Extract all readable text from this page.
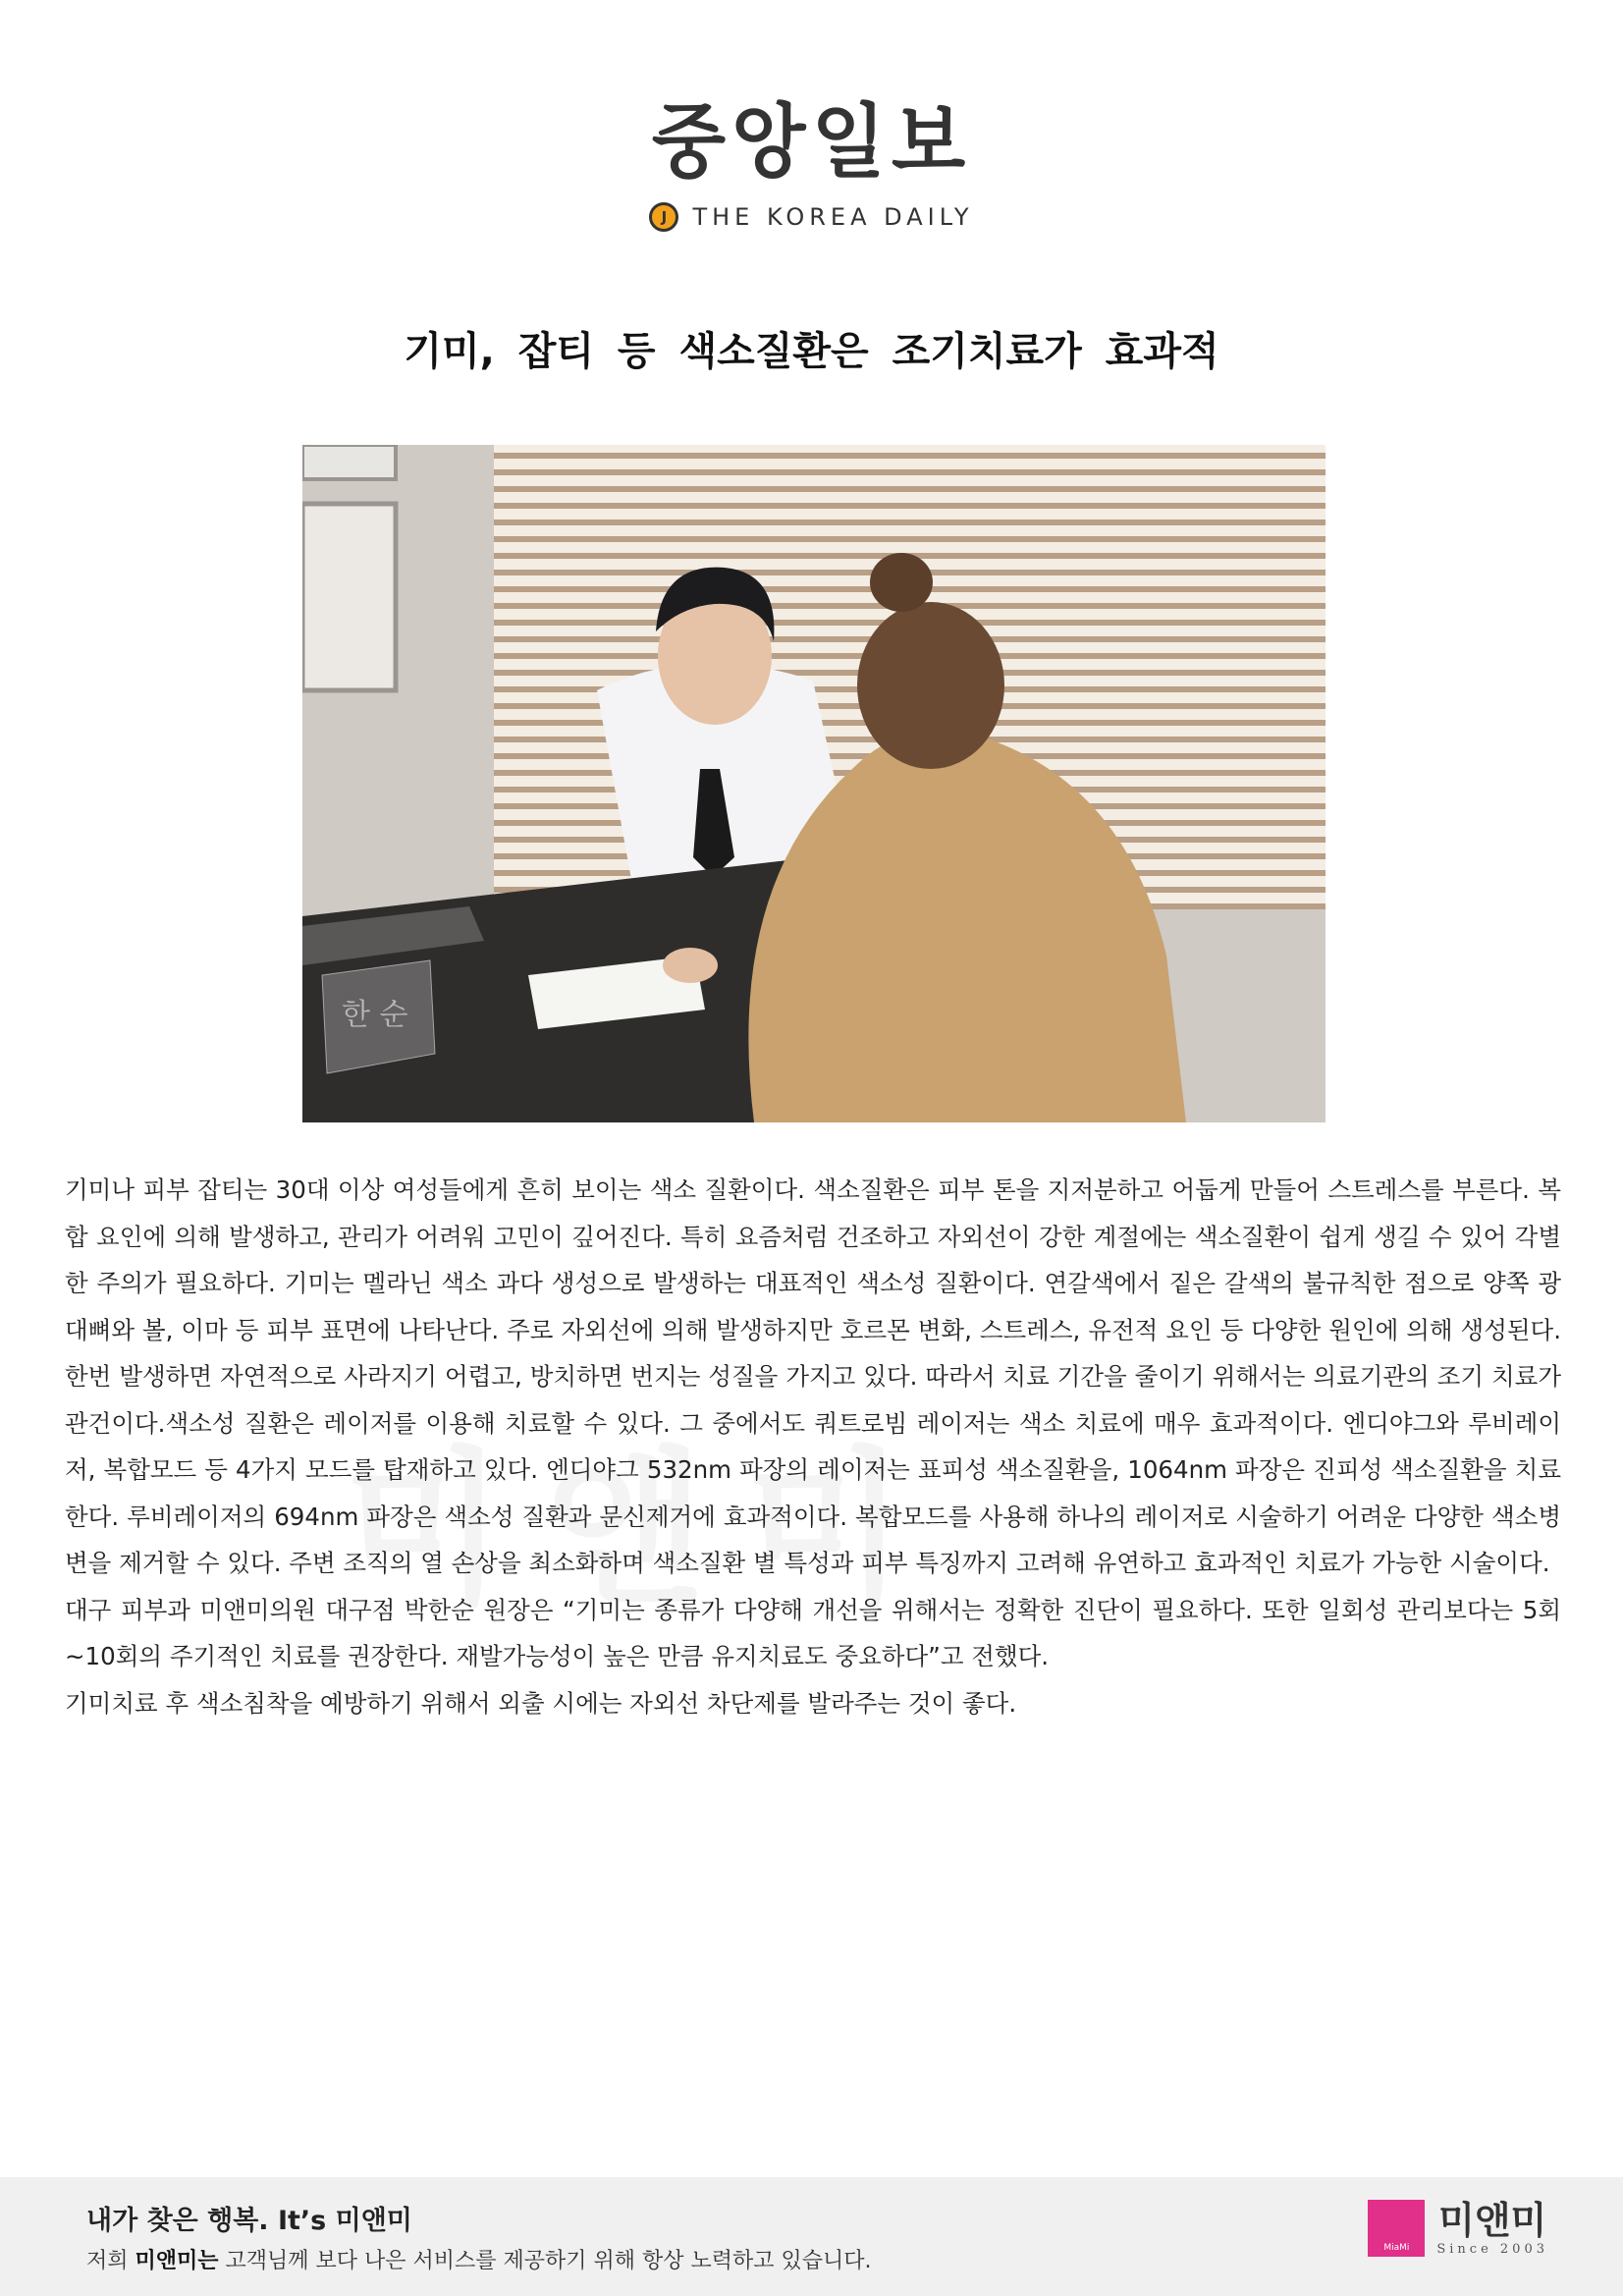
중앙일보
J	THE KOREA DAILY
기미, 잡티 등 색소질환은 조기치료가 효과적
한 순

기미나 피부 잡티는 30대 이상 여성들에게 흔히 보이는 색소 질환이다. 색소질환은 피부 톤을 지저분하고 어둡게 만들어 스트레스를 부른다. 복합 요인에 의해 발생하고, 관리가 어려워 고민이 깊어진다. 특히 요즘처럼 건조하고 자외선이 강한 계절에는 색소질환이 쉽게 생길 수 있어 각별한 주의가 필요하다. 기미는 멜라닌 색소 과다 생성으로 발생하는 대표적인 색소성 질환이다. 연갈색에서 짙은 갈색의 불규칙한 점으로 양쪽 광대뼈와 볼, 이마 등 피부 표면에 나타난다. 주로 자외선에 의해 발생하지만 호르몬 변화, 스트레스, 유전적 요인 등 다양한 원인에 의해 생성된다. 한번 발생하면 자연적으로 사라지기 어렵고, 방치하면 번지는 성질을 가지고 있다. 따라서 치료 기간을 줄이기 위해서는 의료기관의 조기 치료가 관건이다.색소성 질환은 레이저를 이용해 치료할 수 있다. 그 중에서도 쿼트로빔 레이저는 색소 치료에 매우 효과적이다. 엔디야그와 루비레이저, 복합모드 등 4가지 모드를 탑재하고 있다. 엔디야그 532nm 파장의 레이저는 표피성 색소질환을, 1064nm 파장은 진피성 색소질환을 치료한다. 루비레이저의 694nm 파장은 색소성 질환과 문신제거에 효과적이다. 복합모드를 사용해 하나의 레이저로 시술하기 어려운 다양한 색소병변을 제거할 수 있다. 주변 조직의 열 손상을 최소화하며 색소질환 별 특성과 피부 특징까지 고려해 유연하고 효과적인 치료가 가능한 시술이다.

대구 피부과 미앤미의원 대구점 박한순 원장은 “기미는 종류가 다양해 개선을 위해서는 정확한 진단이 필요하다. 또한 일회성 관리보다는 5회~10회의 주기적인 치료를 권장한다. 재발가능성이 높은 만큼 유지치료도 중요하다”고 전했다.

기미치료 후 색소침착을 예방하기 위해서 외출 시에는 자외선 차단제를 발라주는 것이 좋다.

내가 찾은 행복. It’s 미앤미
저희 미앤미는 고객님께 보다 나은 서비스를 제공하기 위해 항상 노력하고 있습니다.
MiaMi
미앤미
Since 2003
